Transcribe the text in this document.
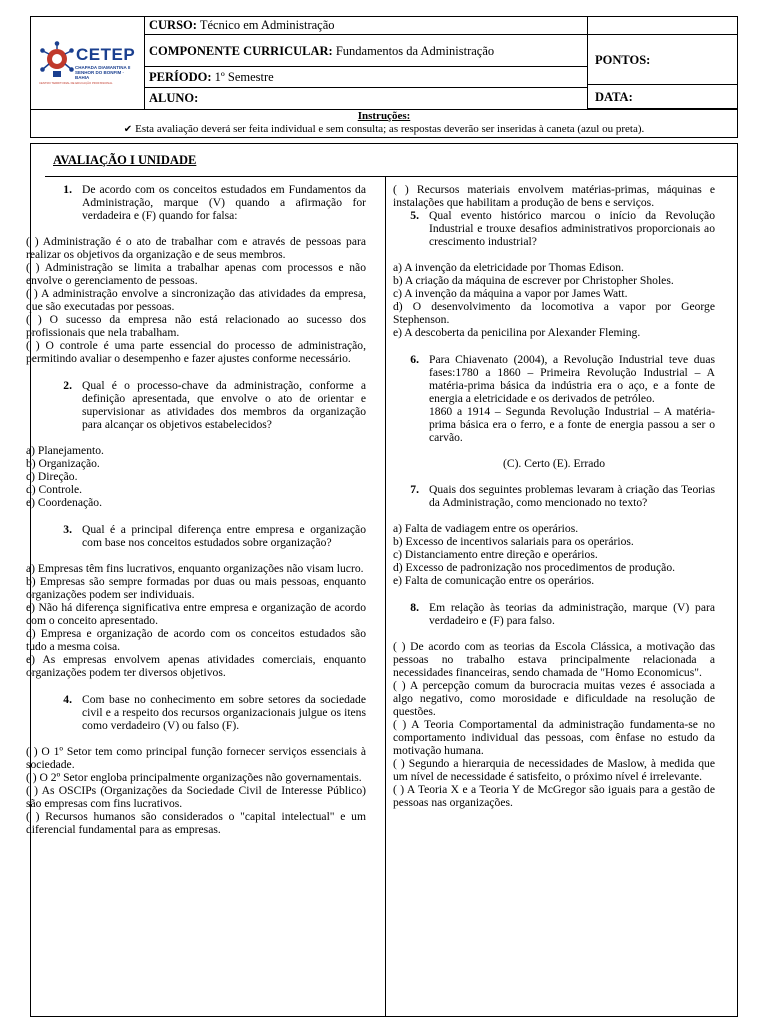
CETEP
CHAPADA DIAMANTINA II
SENHOR DO BONFIM · BAHIA
CENTRO TERRITORIAL DE EDUCAÇÃO PROFISSIONAL
CURSO: Técnico em Administração
COMPONENTE CURRICULAR: Fundamentos da Administração
PERÍODO: 1º Semestre
ALUNO:
PONTOS:
DATA:
Instruções:
✔ Esta avaliação deverá ser feita individual e sem consulta; as respostas deverão ser inseridas à caneta (azul ou preta).
AVALIAÇÃO I UNIDADE
1. De acordo com os conceitos estudados em Fundamentos da Administração, marque (V) quando a afirmação for verdadeira e (F) quando for falsa:

( ) Administração é o ato de trabalhar com e através de pessoas para realizar os objetivos da organização e de seus membros.

( ) Administração se limita a trabalhar apenas com processos e não envolve o gerenciamento de pessoas.

( ) A administração envolve a sincronização das atividades da empresa, que são executadas por pessoas.

( ) O sucesso da empresa não está relacionado ao sucesso dos profissionais que nela trabalham.

( ) O controle é uma parte essencial do processo de administração, permitindo avaliar o desempenho e fazer ajustes conforme necessário.

2. Qual é o processo-chave da administração, conforme a definição apresentada, que envolve o ato de orientar e supervisionar as atividades dos membros da organização para alcançar os objetivos estabelecidos?

a) Planejamento.

b) Organização.

c) Direção.

d) Controle.

e) Coordenação.

3. Qual é a principal diferença entre empresa e organização com base nos conceitos estudados sobre organização?

a) Empresas têm fins lucrativos, enquanto organizações não visam lucro.

b) Empresas são sempre formadas por duas ou mais pessoas, enquanto organizações podem ser individuais.

e) Não há diferença significativa entre empresa e organização de acordo com o conceito apresentado.

d) Empresa e organização de acordo com os conceitos estudados são tudo a mesma coisa.

e) As empresas envolvem apenas atividades comerciais, enquanto organizações podem ter diversos objetivos.

4. Com base no conhecimento em sobre setores da sociedade civil e a respeito dos recursos organizacionais julgue os itens como verdadeiro (V) ou falso (F).

( ) O 1º Setor tem como principal função fornecer serviços essenciais à sociedade.

( ) O 2º Setor engloba principalmente organizações não governamentais.

( ) As OSCIPs (Organizações da Sociedade Civil de Interesse Público) são empresas com fins lucrativos.

( ) Recursos humanos são considerados o "capital intelectual" e um diferencial fundamental para as empresas.

( ) Recursos materiais envolvem matérias-primas, máquinas e instalações que habilitam a produção de bens e serviços.

5. Qual evento histórico marcou o início da Revolução Industrial e trouxe desafios administrativos proporcionais ao crescimento industrial?

a) A invenção da eletricidade por Thomas Edison.

b) A criação da máquina de escrever por Christopher Sholes.

c) A invenção da máquina a vapor por James Watt.

d) O desenvolvimento da locomotiva a vapor por George Stephenson.

e) A descoberta da penicilina por Alexander Fleming.

6. Para Chiavenato (2004), a Revolução Industrial teve duas fases:1780 a 1860 – Primeira Revolução Industrial – A matéria-prima básica da indústria era o aço, e a fonte de energia a eletricidade e os derivados de petróleo.
1860 a 1914 – Segunda Revolução Industrial – A matéria-prima básica era o ferro, e a fonte de energia passou a ser o carvão.

(C). Certo (E). Errado

7. Quais dos seguintes problemas levaram à criação das Teorias da Administração, como mencionado no texto?

a) Falta de vadiagem entre os operários.

b) Excesso de incentivos salariais para os operários.

c) Distanciamento entre direção e operários.

d) Excesso de padronização nos procedimentos de produção.

e) Falta de comunicação entre os operários.

8. Em relação às teorias da administração, marque (V) para verdadeiro e (F) para falso.

( ) De acordo com as teorias da Escola Clássica, a motivação das pessoas no trabalho estava principalmente relacionada a necessidades financeiras, sendo chamada de "Homo Economicus".

( ) A percepção comum da burocracia muitas vezes é associada a algo negativo, como morosidade e dificuldade na resolução de questões.

( ) A Teoria Comportamental da administração fundamenta-se no comportamento individual das pessoas, com ênfase no estudo da motivação humana.

( ) Segundo a hierarquia de necessidades de Maslow, à medida que um nível de necessidade é satisfeito, o próximo nível é irrelevante.

( ) A Teoria X e a Teoria Y de McGregor são iguais para a gestão de pessoas nas organizações.
